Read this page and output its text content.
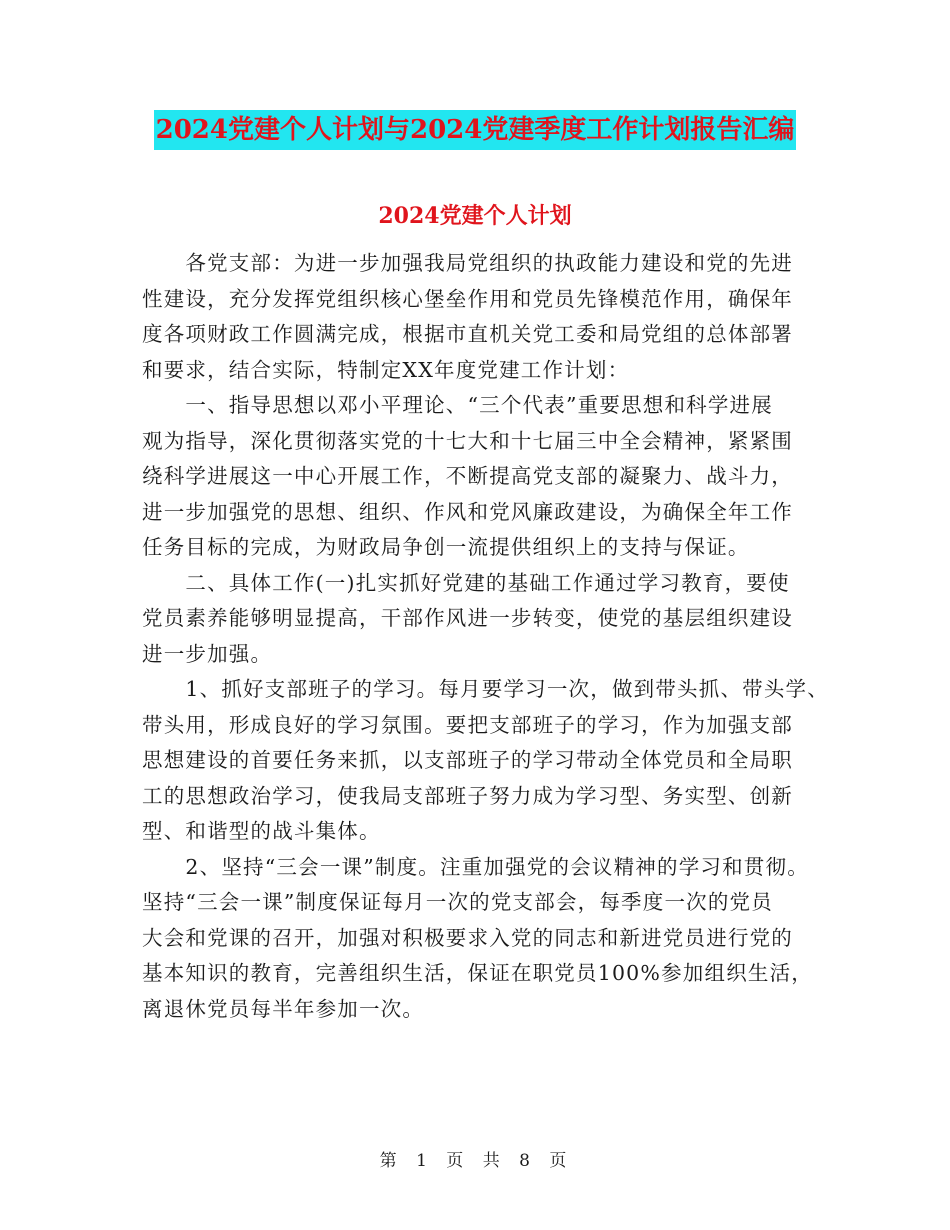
2024党建个人计划与2024党建季度工作计划报告汇编
2024党建个人计划
　　各党支部：为进一步加强我局党组织的执政能力建设和党的先进
性建设，充分发挥党组织核心堡垒作用和党员先锋模范作用，确保年
度各项财政工作圆满完成，根据市直机关党工委和局党组的总体部署
和要求，结合实际，特制定XX年度党建工作计划：
　　一、指导思想以邓小平理论、“三个代表”重要思想和科学进展
观为指导，深化贯彻落实党的十七大和十七届三中全会精神，紧紧围
绕科学进展这一中心开展工作，不断提高党支部的凝聚力、战斗力，
进一步加强党的思想、组织、作风和党风廉政建设，为确保全年工作
任务目标的完成，为财政局争创一流提供组织上的支持与保证。
　　二、具体工作(一)扎实抓好党建的基础工作通过学习教育，要使
党员素养能够明显提高，干部作风进一步转变，使党的基层组织建设
进一步加强。
　　1、抓好支部班子的学习。每月要学习一次，做到带头抓、带头学、
带头用，形成良好的学习氛围。要把支部班子的学习，作为加强支部
思想建设的首要任务来抓，以支部班子的学习带动全体党员和全局职
工的思想政治学习，使我局支部班子努力成为学习型、务实型、创新
型、和谐型的战斗集体。
　　2、坚持“三会一课”制度。注重加强党的会议精神的学习和贯彻。
坚持“三会一课”制度保证每月一次的党支部会，每季度一次的党员
大会和党课的召开，加强对积极要求入党的同志和新进党员进行党的
基本知识的教育，完善组织生活，保证在职党员100%参加组织生活，
离退休党员每半年参加一次。
第 1 页 共 8 页
